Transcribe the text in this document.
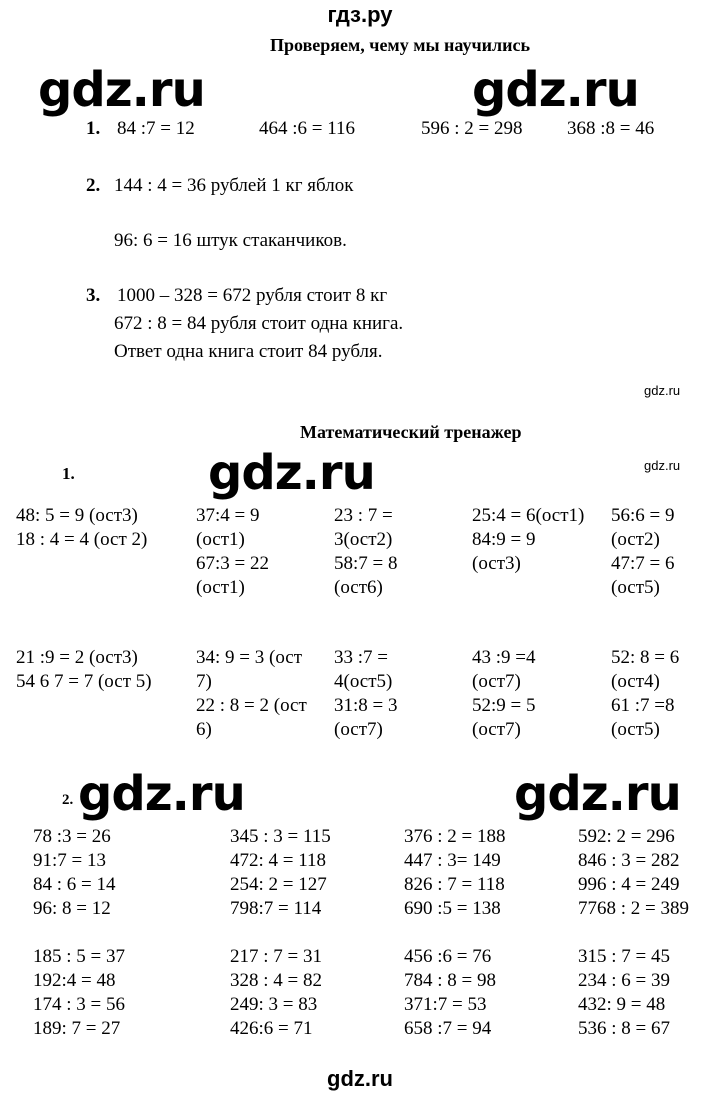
гдз.ру
Проверяем, чему мы научились
gdz.ru	gdz.ru
1. 84 :7 = 12	464 :6 = 116	596 : 2 = 298 368 :8 = 46
2. 144 : 4 = 36 рублей 1 кг яблок
96: 6 = 16 штук стаканчиков.
3. 1000 – 328 = 672 рубля стоит 8 кг
672 : 8 = 84 рубля стоит одна книга.
Ответ одна книга стоит 84 рубля.
gdz.ru
Математический тренажер
1.	gdz.ru	gdz.ru
48: 5 = 9 (ост3)
18 : 4 = 4 (ост 2)
37:4 = 9
(ост1)
67:3 = 22
(ост1)
23 : 7 =
3(ост2)
58:7 = 8
(ост6)
25:4 = 6(ост1)
84:9 = 9
(ост3)
56:6 = 9
(ост2)
47:7 = 6
(ост5)
21 :9 = 2 (ост3)
54 6 7 = 7 (ост 5)
34: 9 = 3 (ост
7)
22 : 8 = 2 (ост
6)
33 :7 =
4(ост5)
31:8 = 3
(ост7)
43 :9 =4
(ост7)
52:9 = 5
(ост7)
52: 8 = 6
(ост4)
61 :7 =8
(ост5)
2. gdz.ru	gdz.ru
78 :3 = 26
91:7 = 13
84 : 6 = 14
96: 8 = 12
345 : 3 = 115
472: 4 = 118
254: 2 = 127
798:7 = 114
376 : 2 = 188
447 : 3= 149
826 : 7 = 118
690 :5 = 138
592: 2 = 296
846 : 3 = 282
996 : 4 = 249
7768 : 2 = 389
185 : 5 = 37
192:4 = 48
174 : 3 = 56
189: 7 = 27
217 : 7 = 31
328 : 4 = 82
249: 3 = 83
426:6 = 71
456 :6 = 76
784 : 8 = 98
371:7 = 53
658 :7 = 94
315 : 7 = 45
234 : 6 = 39
432: 9 = 48
536 : 8 = 67
gdz.ru
